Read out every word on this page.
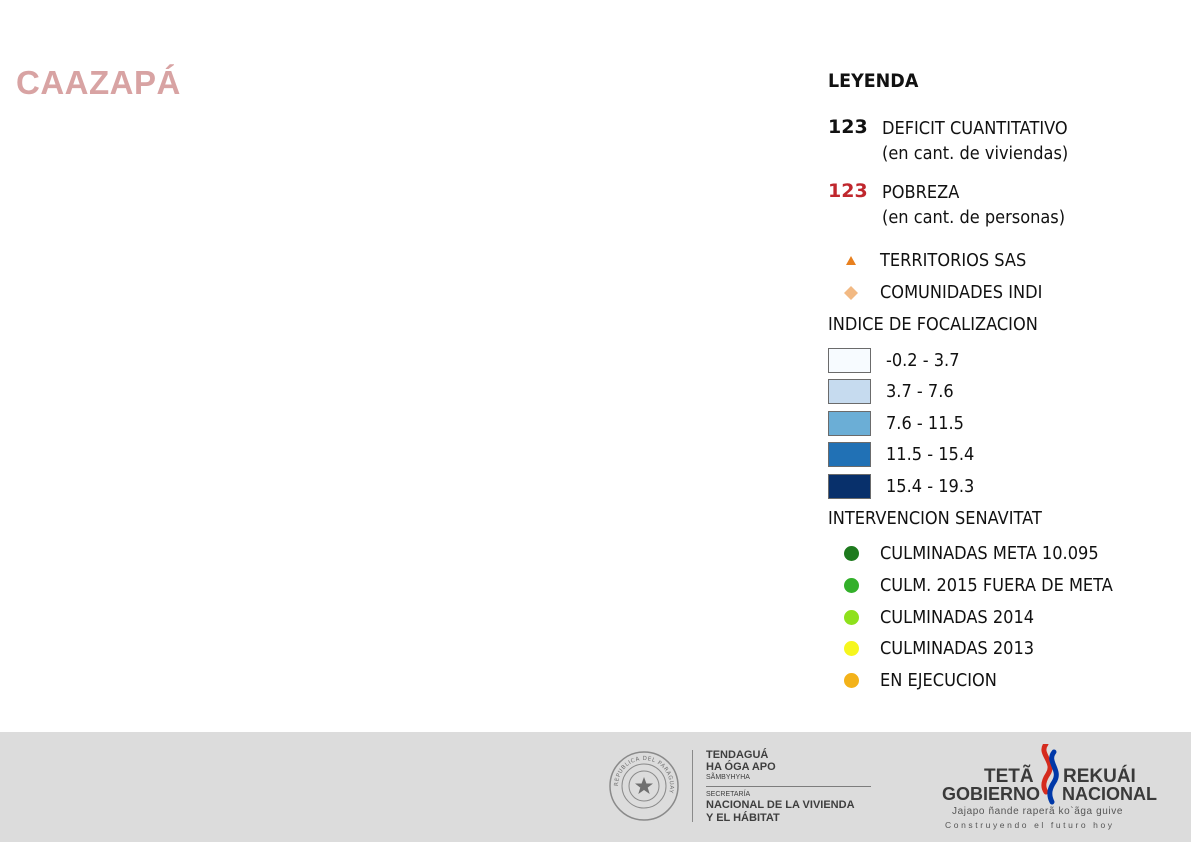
CAAZAPÁ	LEYENDA
123 DEFICIT CUANTITATIVO
(en cant. de viviendas)
123 POBREZA
(en cant. de personas)
TERRITORIOS SAS
COMUNIDADES INDI
INDICE DE FOCALIZACION
-0.2 - 3.7
3.7 - 7.6
7.6 - 11.5
11.5 - 15.4
15.4 - 19.3
INTERVENCION SENAVITAT
CULMINADAS META 10.095
CULM. 2015 FUERA DE META
CULMINADAS 2014
CULMINADAS 2013
EN EJECUCION
REPUBLICA DEL PARAGUAY
TENDAGUÁ
HA ÓGA APO
SÃMBYHYHA
SECRETARÍA
NACIONAL DE LA VIVIENDA
Y EL HÁBITAT
TETÃ REKUÁI
GOBIERNO NACIONAL
Jajapo ñande raperã ko`ãga guive
Construyendo el futuro hoy
